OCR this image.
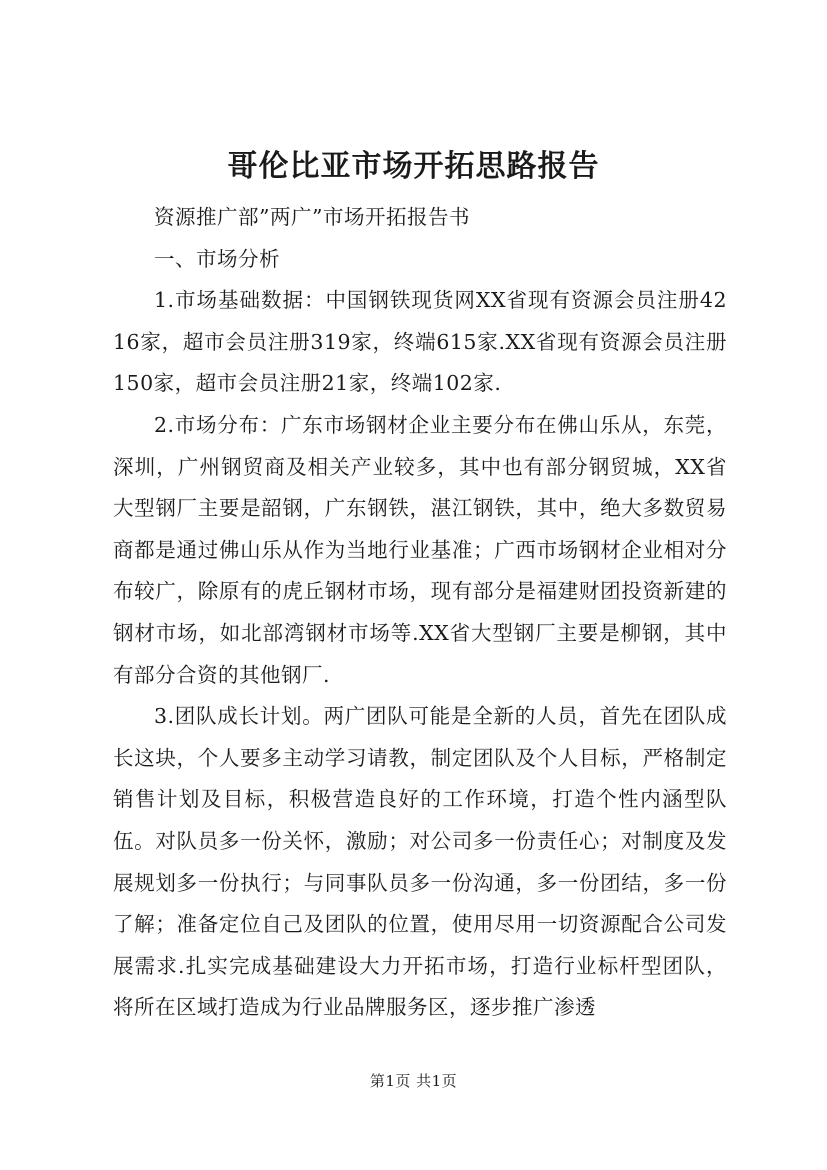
哥伦比亚市场开拓思路报告

资源推广部”两广”市场开拓报告书

一、市场分析

1.市场基础数据：中国钢铁现货网XX省现有资源会员注册4216家，超市会员注册319家，终端615家.XX省现有资源会员注册150家，超市会员注册21家，终端102家.

2.市场分布：广东市场钢材企业主要分布在佛山乐从，东莞，深圳，广州钢贸商及相关产业较多，其中也有部分钢贸城，XX省大型钢厂主要是韶钢，广东钢铁，湛江钢铁，其中，绝大多数贸易商都是通过佛山乐从作为当地行业基准；广西市场钢材企业相对分布较广，除原有的虎丘钢材市场，现有部分是福建财团投资新建的钢材市场，如北部湾钢材市场等.XX省大型钢厂主要是柳钢，其中有部分合资的其他钢厂.

3.团队成长计划。两广团队可能是全新的人员，首先在团队成长这块，个人要多主动学习请教，制定团队及个人目标，严格制定销售计划及目标，积极营造良好的工作环境，打造个性内涵型队伍。对队员多一份关怀，激励；对公司多一份责任心；对制度及发展规划多一份执行；与同事队员多一份沟通，多一份团结，多一份了解；准备定位自己及团队的位置，使用尽用一切资源配合公司发展需求.扎实完成基础建设大力开拓市场，打造行业标杆型团队，将所在区域打造成为行业品牌服务区，逐步推广渗透

第1页 共1页
